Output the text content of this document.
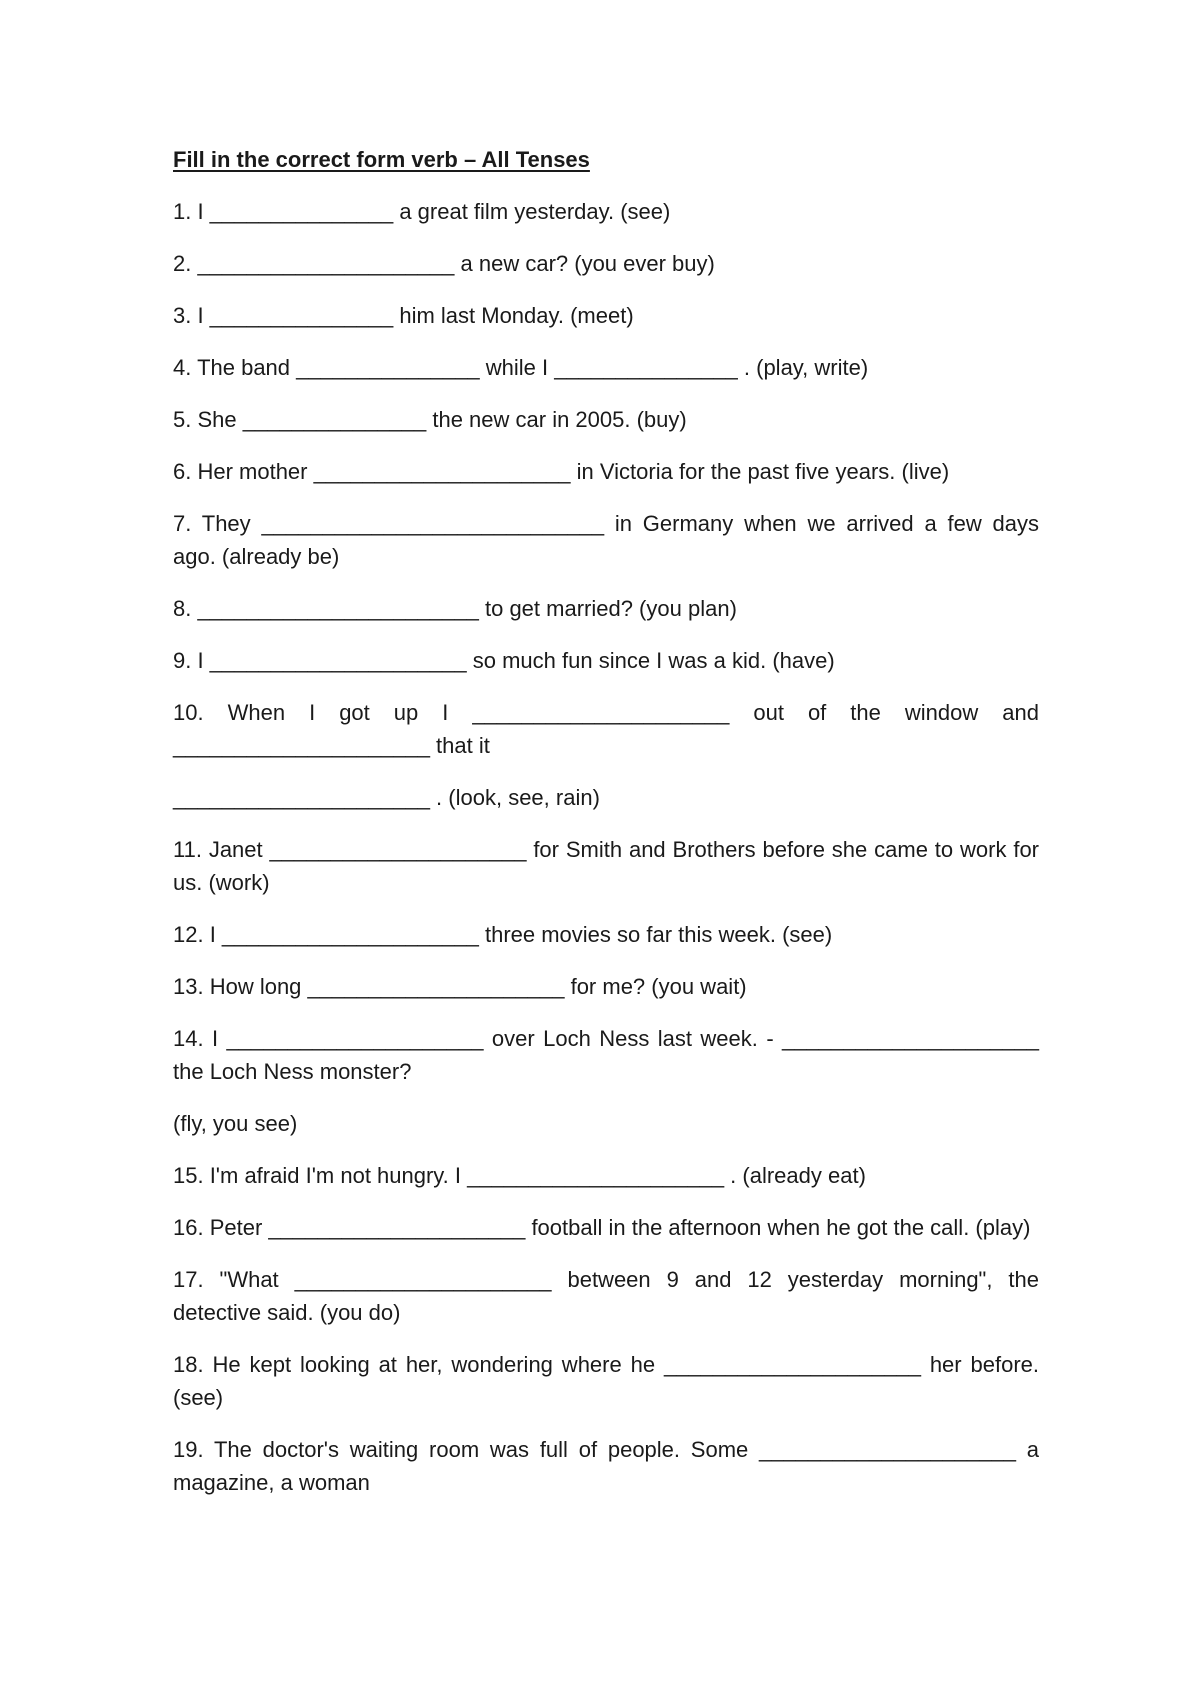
Fill in the correct form verb – All Tenses
1. I _______________ a great film yesterday. (see)
2. _____________________ a new car? (you ever buy)
3. I _______________ him last Monday. (meet)
4. The band _______________ while I _______________ . (play, write)
5. She _______________ the new car in 2005. (buy)
6. Her mother _____________________ in Victoria for the past five years. (live)
7. They ____________________________ in Germany when we arrived a few days ago. (already be)
8. _______________________ to get married? (you plan)
9. I _____________________ so much fun since I was a kid. (have)
10. When I got up I _____________________ out of the window and _____________________ that it
_____________________ . (look, see, rain)
11. Janet _____________________ for Smith and Brothers before she came to work for us. (work)
12. I _____________________ three movies so far this week. (see)
13. How long _____________________ for me? (you wait)
14. I _____________________ over Loch Ness last week. - _____________________ the Loch Ness monster?
(fly, you see)
15. I'm afraid I'm not hungry. I _____________________ . (already eat)
16. Peter _____________________ football in the afternoon when he got the call. (play)
17. "What _____________________ between 9 and 12 yesterday morning", the detective said. (you do)
18. He kept looking at her, wondering where he _____________________ her before. (see)
19. The doctor's waiting room was full of people. Some _____________________ a magazine, a woman
